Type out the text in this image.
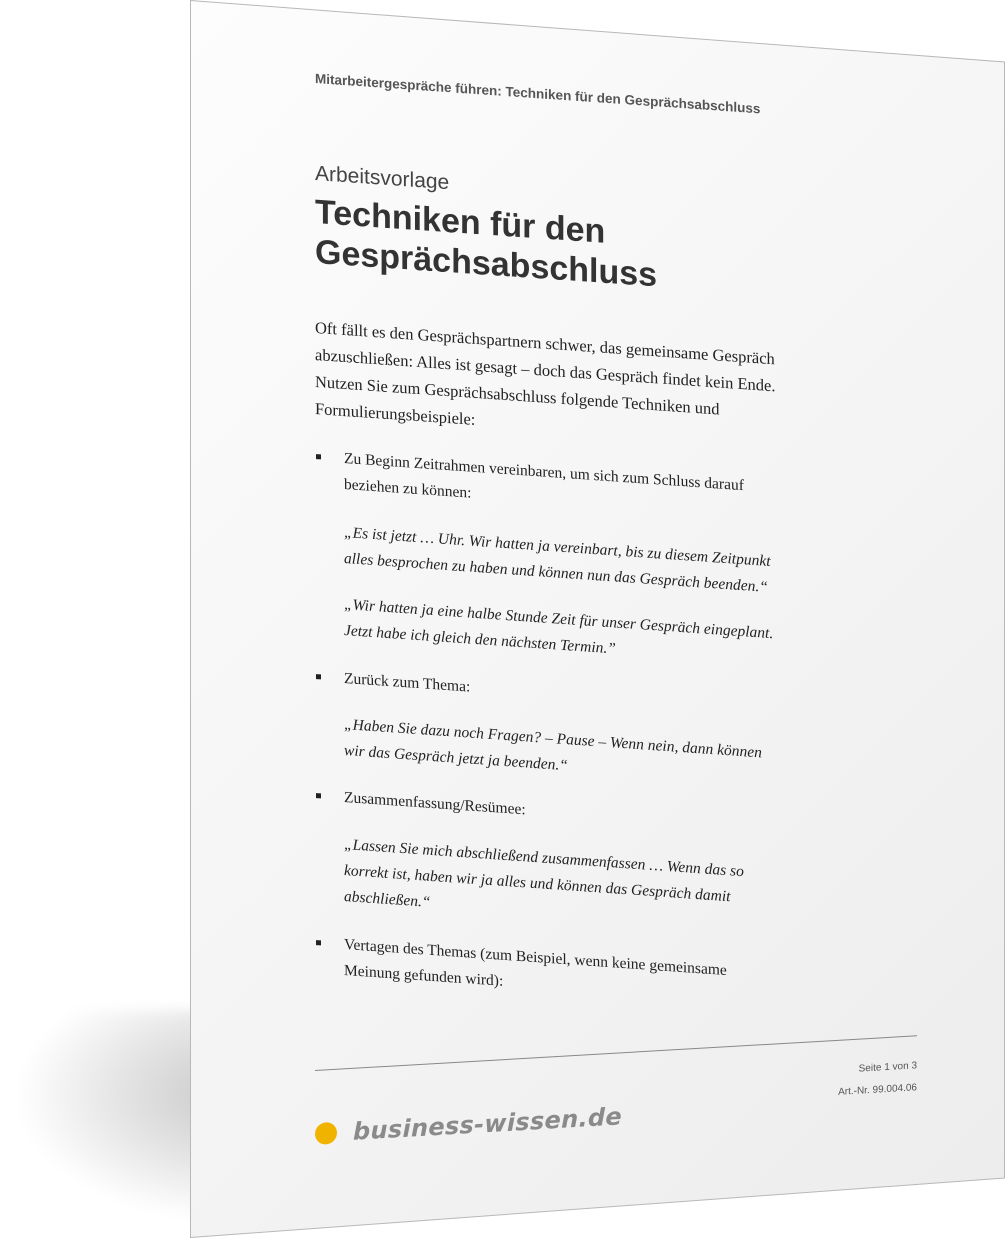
Mitarbeitergespräche führen: Techniken für den Gesprächsabschluss
Arbeitsvorlage
Techniken für den Gesprächsabschluss
Oft fällt es den Gesprächspartnern schwer, das gemeinsame Gespräch abzuschließen: Alles ist gesagt – doch das Gespräch findet kein Ende. Nutzen Sie zum Gesprächsabschluss folgende Techniken und Formulierungsbeispiele:
Zu Beginn Zeitrahmen vereinbaren, um sich zum Schluss darauf beziehen zu können:
„Es ist jetzt … Uhr. Wir hatten ja vereinbart, bis zu diesem Zeitpunkt alles besprochen zu haben und können nun das Gespräch beenden.“
„Wir hatten ja eine halbe Stunde Zeit für unser Gespräch eingeplant. Jetzt habe ich gleich den nächsten Termin.”
Zurück zum Thema:
„Haben Sie dazu noch Fragen? – Pause – Wenn nein, dann können wir das Gespräch jetzt ja beenden.“
Zusammenfassung/Resümee:
„Lassen Sie mich abschließend zusammenfassen … Wenn das so korrekt ist, haben wir ja alles und können das Gespräch damit abschließen.“
Vertagen des Themas (zum Beispiel, wenn keine gemeinsame Meinung gefunden wird):
Seite 1 von 3
Art.-Nr. 99.004.06
business-wissen.de
